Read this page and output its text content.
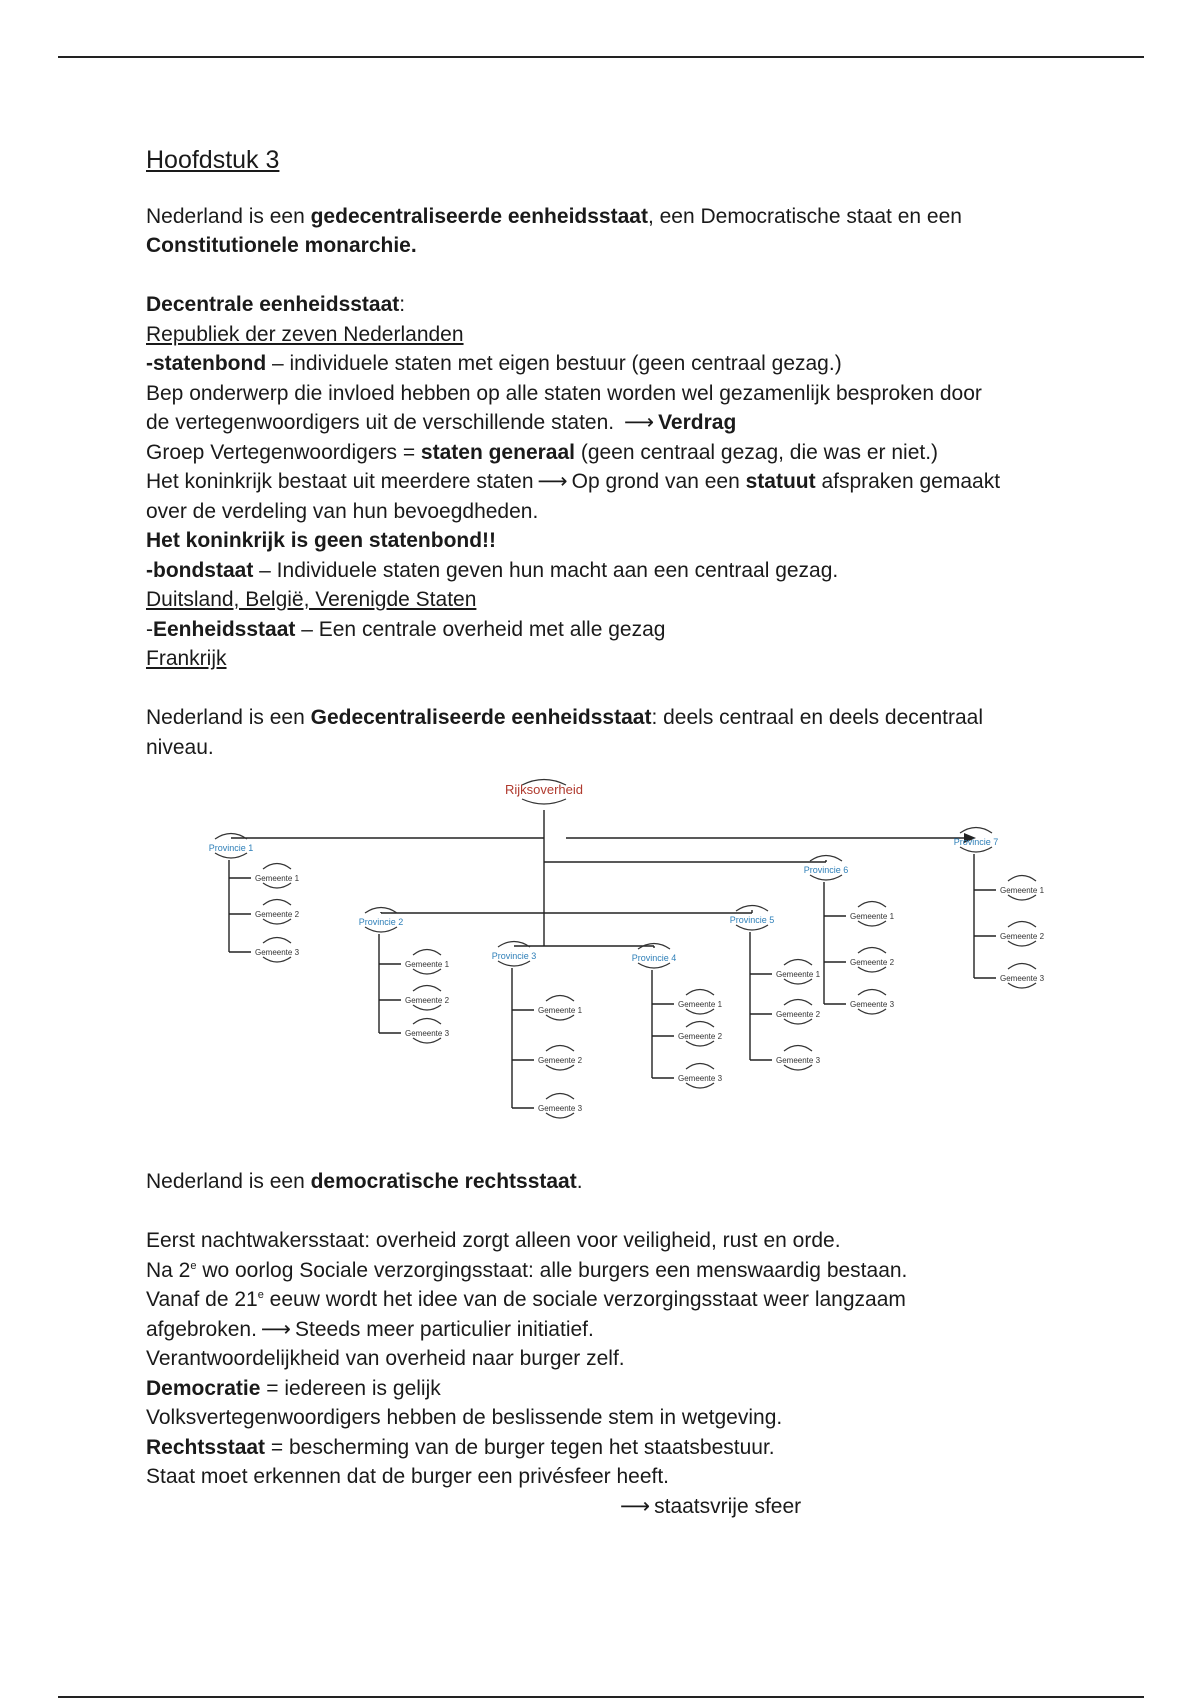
Hoofdstuk 3
Nederland is een gedecentraliseerde eenheidsstaat, een Democratische staat en een
Constitutionele monarchie.
Decentrale eenheidsstaat:
Republiek der zeven Nederlanden
-statenbond – individuele staten met eigen bestuur (geen centraal gezag.)
Bep onderwerp die invloed hebben op alle staten worden wel gezamenlijk besproken door
de vertegenwoordigers uit de verschillende staten. ⟶ Verdrag
Groep Vertegenwoordigers = staten generaal (geen centraal gezag, die was er niet.)
Het koninkrijk bestaat uit meerdere staten ⟶ Op grond van een statuut afspraken gemaakt
over de verdeling van hun bevoegdheden.
Het koninkrijk is geen statenbond!!
-bondstaat – Individuele staten geven hun macht aan een centraal gezag.
Duitsland, België, Verenigde Staten
-Eenheidsstaat – Een centrale overheid met alle gezag
Frankrijk
Nederland is een Gedecentraliseerde eenheidsstaat: deels centraal en deels decentraal
niveau.
Rijksoverheid
Provincie 1
Gemeente 1
Gemeente 2
Gemeente 3
Provincie 2
Gemeente 1
Gemeente 2
Gemeente 3
Provincie 3
Gemeente 1
Gemeente 2
Gemeente 3
Provincie 4
Gemeente 1
Gemeente 2
Gemeente 3
Provincie 5
Gemeente 1
Gemeente 2
Gemeente 3
Provincie 6
Gemeente 1
Gemeente 2
Gemeente 3
Provincie 7
Gemeente 1
Gemeente 2
Gemeente 3
Nederland is een democratische rechtsstaat.
Eerst nachtwakersstaat: overheid zorgt alleen voor veiligheid, rust en orde.
Na 2e wo oorlog Sociale verzorgingsstaat: alle burgers een menswaardig bestaan.
Vanaf de 21e eeuw wordt het idee van de sociale verzorgingsstaat weer langzaam
afgebroken. ⟶ Steeds meer particulier initiatief.
Verantwoordelijkheid van overheid naar burger zelf.
Democratie = iedereen is gelijk
Volksvertegenwoordigers hebben de beslissende stem in wetgeving.
Rechtsstaat = bescherming van de burger tegen het staatsbestuur.
Staat moet erkennen dat de burger een privésfeer heeft.
⟶ staatsvrije sfeer
